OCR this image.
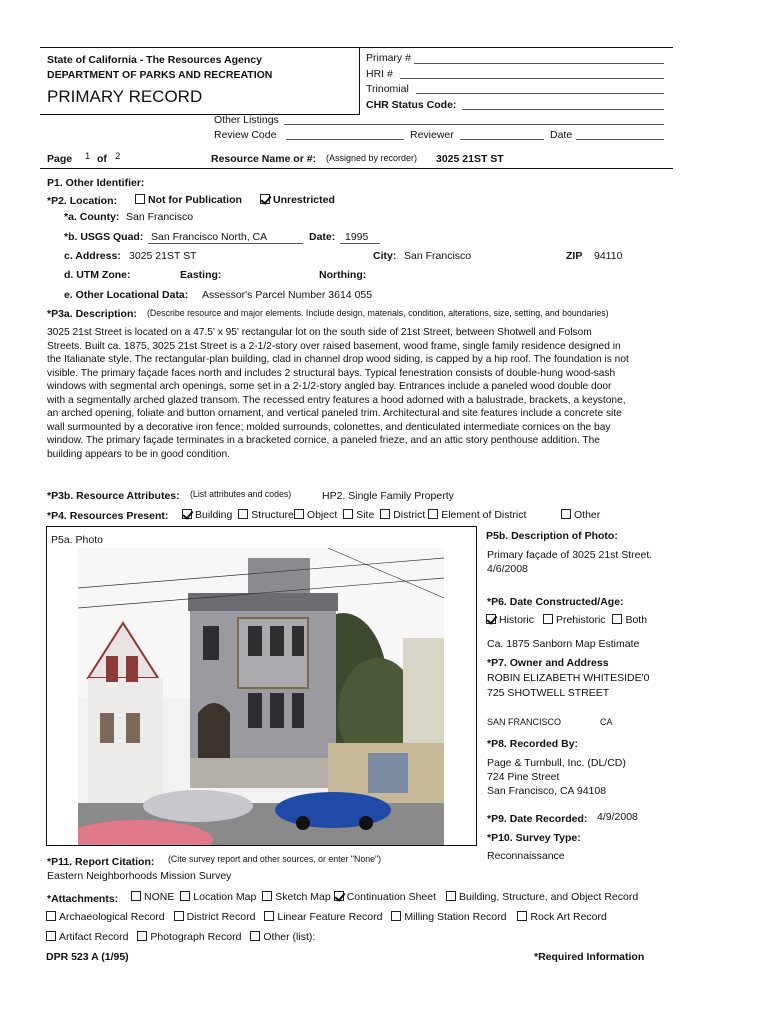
State of California - The Resources Agency
DEPARTMENT OF PARKS AND RECREATION
PRIMARY RECORD
Primary #
HRI #
Trinomial
CHR Status Code:
Other Listings
Review Code	Reviewer	Date
Page 1 of 2	Resource Name or #: (Assigned by recorder) 3025 21ST ST
P1. Other Identifier:
*P2. Location:	Not for Publication	Unrestricted
*a. County: San Francisco
*b. USGS Quad: San Francisco North, CA	Date: 1995
c. Address: 3025 21ST ST	City: San Francisco	ZIP 94110
d. UTM Zone:	Easting:	Northing:
e. Other Locational Data: Assessor's Parcel Number 3614 055
*P3a. Description: (Describe resource and major elements. Include design, materials, condition, alterations, size, setting, and boundaries)
3025 21st Street is located on a 47.5' x 95' rectangular lot on the south side of 21st Street, between Shotwell and Folsom Streets. Built ca. 1875, 3025 21st Street is a 2-1/2-story over raised basement, wood frame, single family residence designed in the Italianate style. The rectangular-plan building, clad in channel drop wood siding, is capped by a hip roof. The foundation is not visible. The primary façade faces north and includes 2 structural bays. Typical fenestration consists of double-hung wood-sash windows with segmental arch openings, some set in a 2-1/2-story angled bay. Entrances include a paneled wood double door with a segmentally arched glazed transom. The recessed entry features a hood adorned with a balustrade, brackets, a keystone, an arched opening, foliate and button ornament, and vertical paneled trim. Architectural and site features include a concrete site wall surmounted by a decorative iron fence; molded surrounds, colonettes, and denticulated intermediate cornices on the bay window. The primary façade terminates in a bracketed cornice, a paneled frieze, and an attic story penthouse addition. The building appears to be in good condition.
*P3b. Resource Attributes: (List attributes and codes)	HP2. Single Family Property
*P4. Resources Present:	Building Structure Object Site District Element of District	Other
P5a. Photo	P5b. Description of Photo:
Primary façade of 3025 21st Street.
4/6/2008
*P6. Date Constructed/Age:
Historic Prehistoric Both
Ca. 1875 Sanborn Map Estimate
*P7. Owner and Address
ROBIN ELIZABETH WHITESIDE'0
725 SHOTWELL STREET
SAN FRANCISCO	CA
*P8. Recorded By:
Page & Turnbull, Inc. (DL/CD)
724 Pine Street
San Francisco, CA 94108
*P9. Date Recorded: 4/9/2008
*P10. Survey Type:
Reconnaissance
*P11. Report Citation: (Cite survey report and other sources, or enter "None")
Eastern Neighborhoods Mission Survey
*Attachments:	NONE Location Map Sketch Map Continuation Sheet	Building, Structure, and Object Record
Archaeological Record District Record Linear Feature Record Milling Station Record Rock Art Record
Artifact Record Photograph Record Other (list):
DPR 523 A (1/95)	*Required Information
